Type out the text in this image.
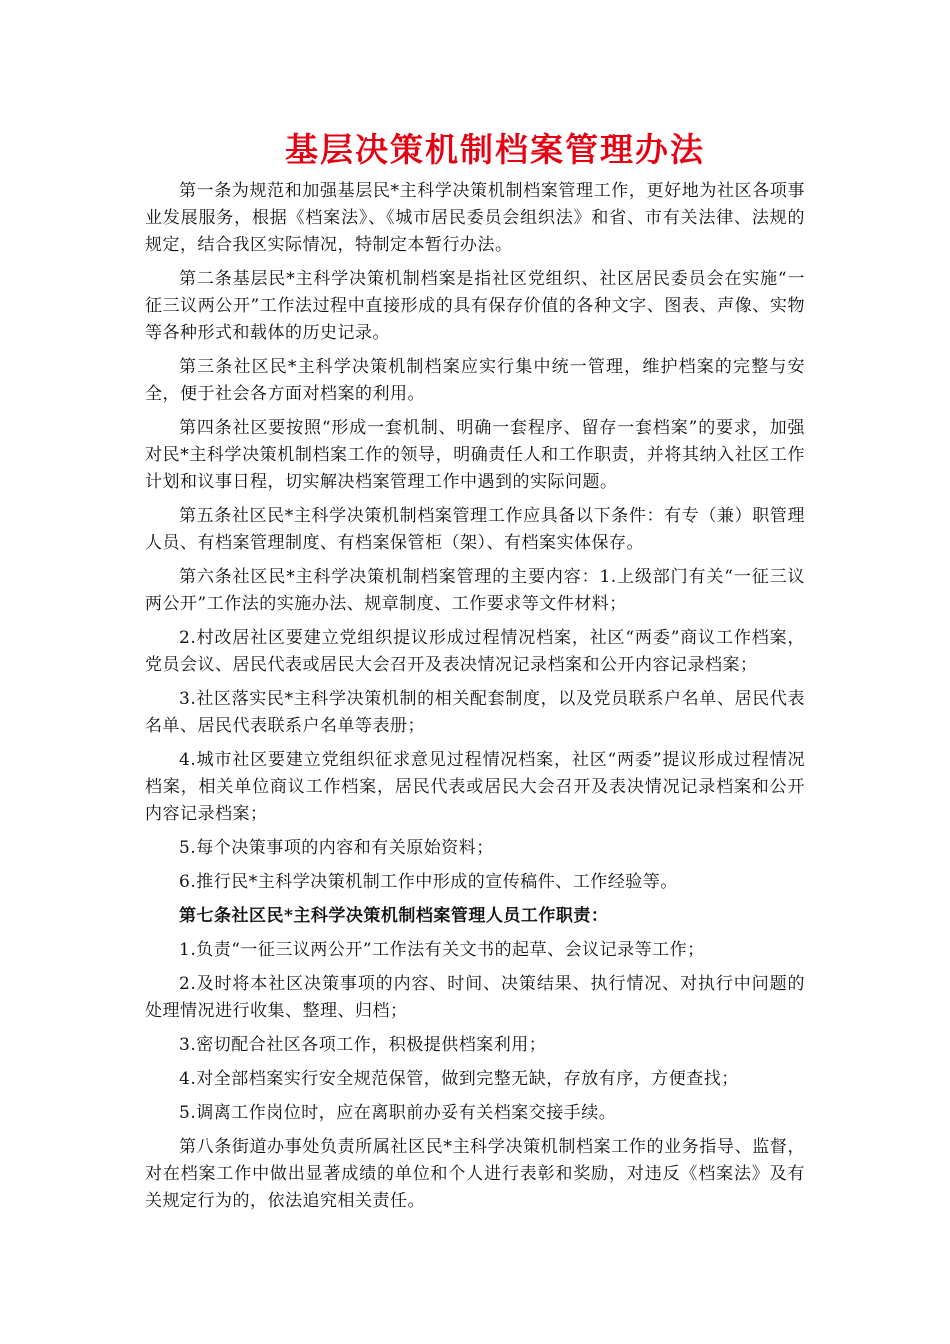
基层决策机制档案管理办法

第一条为规范和加强基层民*主科学决策机制档案管理工作，更好地为社区各项事业发展服务，根据《档案法》、《城市居民委员会组织法》和省、市有关法律、法规的规定，结合我区实际情况，特制定本暂行办法。

第二条基层民*主科学决策机制档案是指社区党组织、社区居民委员会在实施“一征三议两公开”工作法过程中直接形成的具有保存价值的各种文字、图表、声像、实物等各种形式和载体的历史记录。

第三条社区民*主科学决策机制档案应实行集中统一管理，维护档案的完整与安全，便于社会各方面对档案的利用。

第四条社区要按照“形成一套机制、明确一套程序、留存一套档案”的要求，加强对民*主科学决策机制档案工作的领导，明确责任人和工作职责，并将其纳入社区工作计划和议事日程，切实解决档案管理工作中遇到的实际问题。

第五条社区民*主科学决策机制档案管理工作应具备以下条件：有专（兼）职管理人员、有档案管理制度、有档案保管柜（架）、有档案实体保存。

第六条社区民*主科学决策机制档案管理的主要内容：1.上级部门有关“一征三议两公开”工作法的实施办法、规章制度、工作要求等文件材料；

2.村改居社区要建立党组织提议形成过程情况档案，社区“两委”商议工作档案，党员会议、居民代表或居民大会召开及表决情况记录档案和公开内容记录档案；

3.社区落实民*主科学决策机制的相关配套制度，以及党员联系户名单、居民代表名单、居民代表联系户名单等表册；

4.城市社区要建立党组织征求意见过程情况档案，社区“两委”提议形成过程情况档案，相关单位商议工作档案，居民代表或居民大会召开及表决情况记录档案和公开内容记录档案；

5.每个决策事项的内容和有关原始资料；

6.推行民*主科学决策机制工作中形成的宣传稿件、工作经验等。

第七条社区民*主科学决策机制档案管理人员工作职责：

1.负责“一征三议两公开”工作法有关文书的起草、会议记录等工作；

2.及时将本社区决策事项的内容、时间、决策结果、执行情况、对执行中问题的处理情况进行收集、整理、归档；

3.密切配合社区各项工作，积极提供档案利用；

4.对全部档案实行安全规范保管，做到完整无缺，存放有序，方便查找；

5.调离工作岗位时，应在离职前办妥有关档案交接手续。

第八条街道办事处负责所属社区民*主科学决策机制档案工作的业务指导、监督，对在档案工作中做出显著成绩的单位和个人进行表彰和奖励，对违反《档案法》及有关规定行为的，依法追究相关责任。
